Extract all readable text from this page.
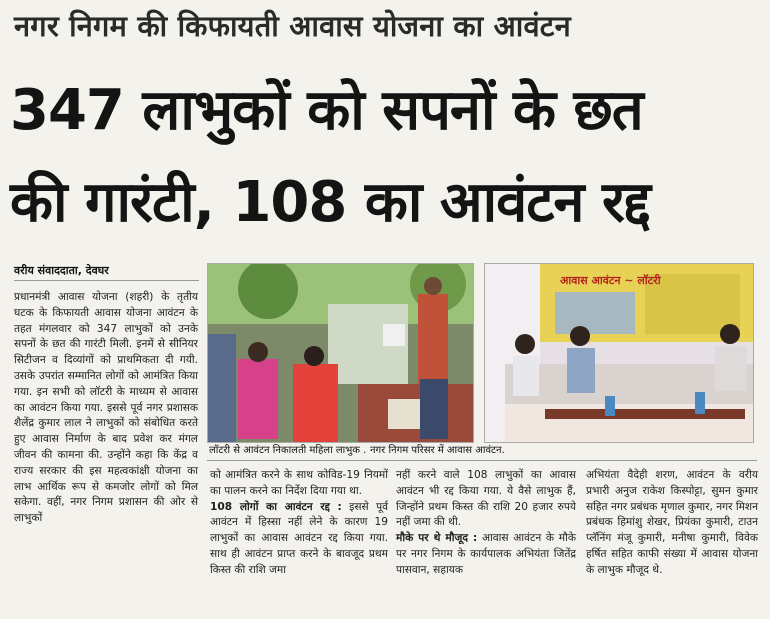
नगर निगम की किफायती आवास योजना का आवंटन
347 लाभुकों को सपनों के छत
की गारंटी, 108 का आवंटन रद्द
वरीय संवाददाता, देवघर

प्रधानमंत्री आवास योजना (शहरी) के तृतीय घटक के किफायती आवास योजना आवंटन के तहत मंगलवार को 347 लाभुकों को उनके सपनों के छत की गारंटी मिली. इनमें से सीनियर सिटीजन व दिव्यांगों को प्राथमिकता दी गयी. उसके उपरांत सम्मानित लोगों को आमंत्रित किया गया. इन सभी को लॉटरी के माध्यम से आवास का आवंटन किया गया. इससे पूर्व नगर प्रशासक शैलेंद्र कुमार लाल ने लाभुकों को संबोधित करते हुए आवास निर्माण के बाद प्रवेश कर मंगल जीवन की कामना की. उन्होंने कहा कि केंद्र व राज्य सरकार की इस महत्वकांक्षी योजना का लाभ आर्थिक रूप से कमजोर लोगों को मिल सकेगा. वहीं, नगर निगम प्रशासन की ओर से लाभुकों

आवास आवंटन ~ लॉटरी
लॉटरी से आवंटन निकालती महिला लाभुक . नगर निगम परिसर में आवास आवंटन.

को आमंत्रित करने के साथ कोविड-19 नियमों का पालन करने का निर्देश दिया गया था.

108 लोगों का आवंटन रद्द : इससे पूर्व आवंटन में हिस्सा नहीं लेने के कारण 19 लाभुकों का आवास आवंटन रद्द किया गया. साथ ही आवंटन प्राप्त करने के बावजूद प्रथम किस्त की राशि जमा

नहीं करने वाले 108 लाभुकों का आवास आवंटन भी रद्द किया गया. ये वैसे लाभुक हैं, जिन्होंने प्रथम किस्त की राशि 20 हजार रुपये नहीं जमा की थी.

मौके पर थे मौजूद : आवास आवंटन के मौके पर नगर निगम के कार्यपालक अभियंता जितेंद्र पासवान, सहायक

अभियंता वैदेही शरण, आवंटन के वरीय प्रभारी अनुज राकेश किस्पोट्टा, सुमन कुमार सहित नगर प्रबंधक मृणाल कुमार, नगर मिशन प्रबंधक हिमांशु शेखर, प्रियंका कुमारी, टाउन प्लॅनिंग मंजू कुमारी, मनीषा कुमारी, विवेक हर्षित सहित काफी संख्या में आवास योजना के लाभुक मौजूद थे.
